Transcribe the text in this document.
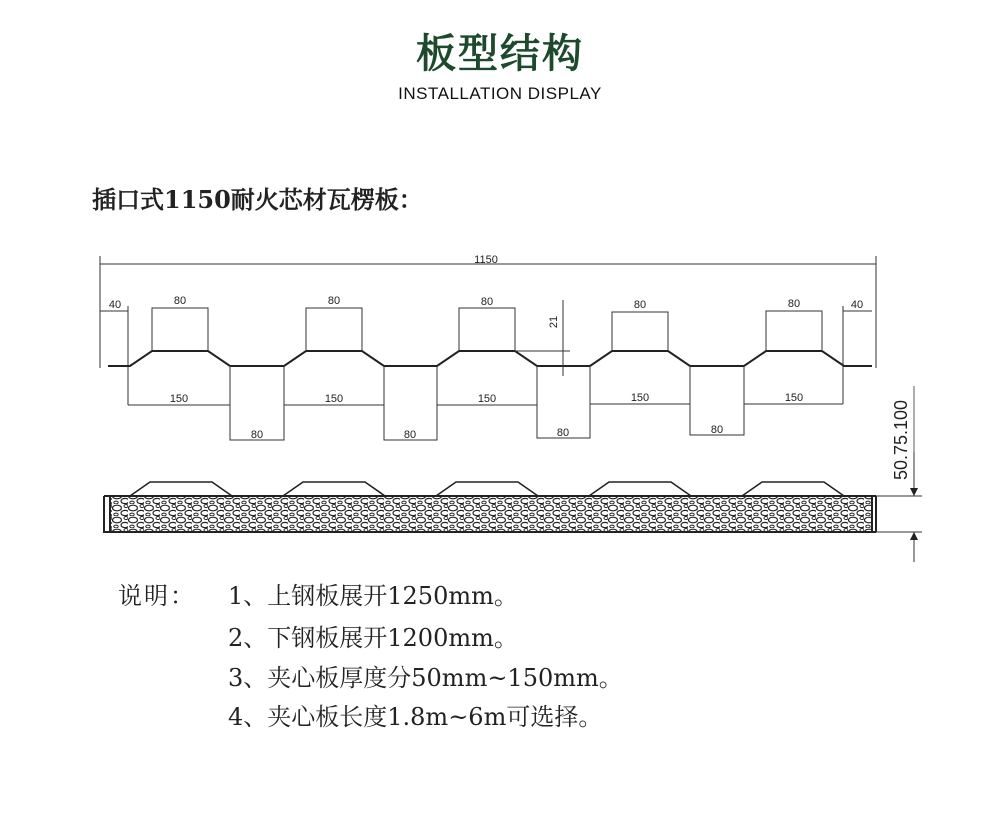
板型结构
INSTALLATION DISPLAY
插口式1150耐火芯材瓦楞板：
1150
40	40
80	80	80	80	80
80	80	80	80
150	150	150	150	150
21
50.75.100
说明： 1、上钢板展开1250mm。
2、下钢板展开1200mm。
3、夹心板厚度分50mm~150mm。
4、夹心板长度1.8m~6m可选择。
